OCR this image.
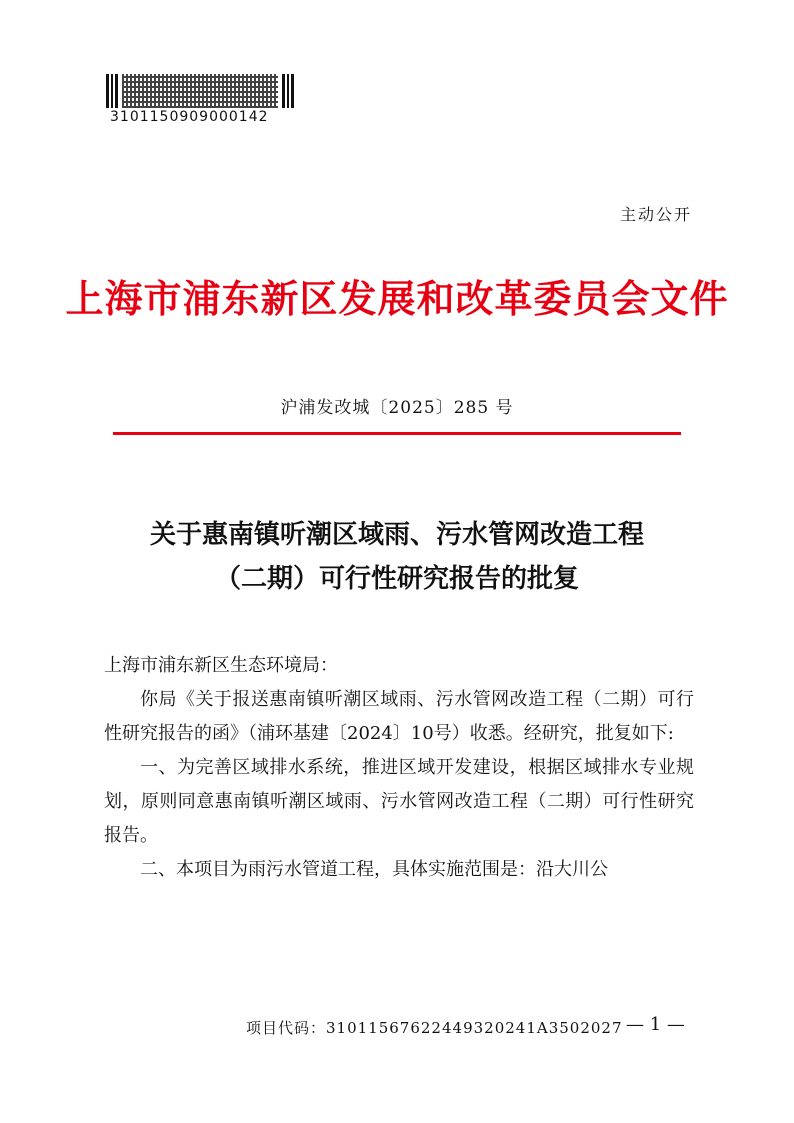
3101150909000142
主动公开
上海市浦东新区发展和改革委员会文件
沪浦发改城〔2025〕285 号
关于惠南镇听潮区域雨、污水管网改造工程
（二期）可行性研究报告的批复

上海市浦东新区生态环境局：

你局《关于报送惠南镇听潮区域雨、污水管网改造工程（二期）可行性研究报告的函》（浦环基建〔2024〕10号）收悉。经研究，批复如下:

一、为完善区域排水系统，推进区域开发建设，根据区域排水专业规划，原则同意惠南镇听潮区域雨、污水管网改造工程（二期）可行性研究报告。

二、本项目为雨污水管道工程，具体实施范围是：沿大川公

项目代码：31011567622449320241A3502027 — 1 —
